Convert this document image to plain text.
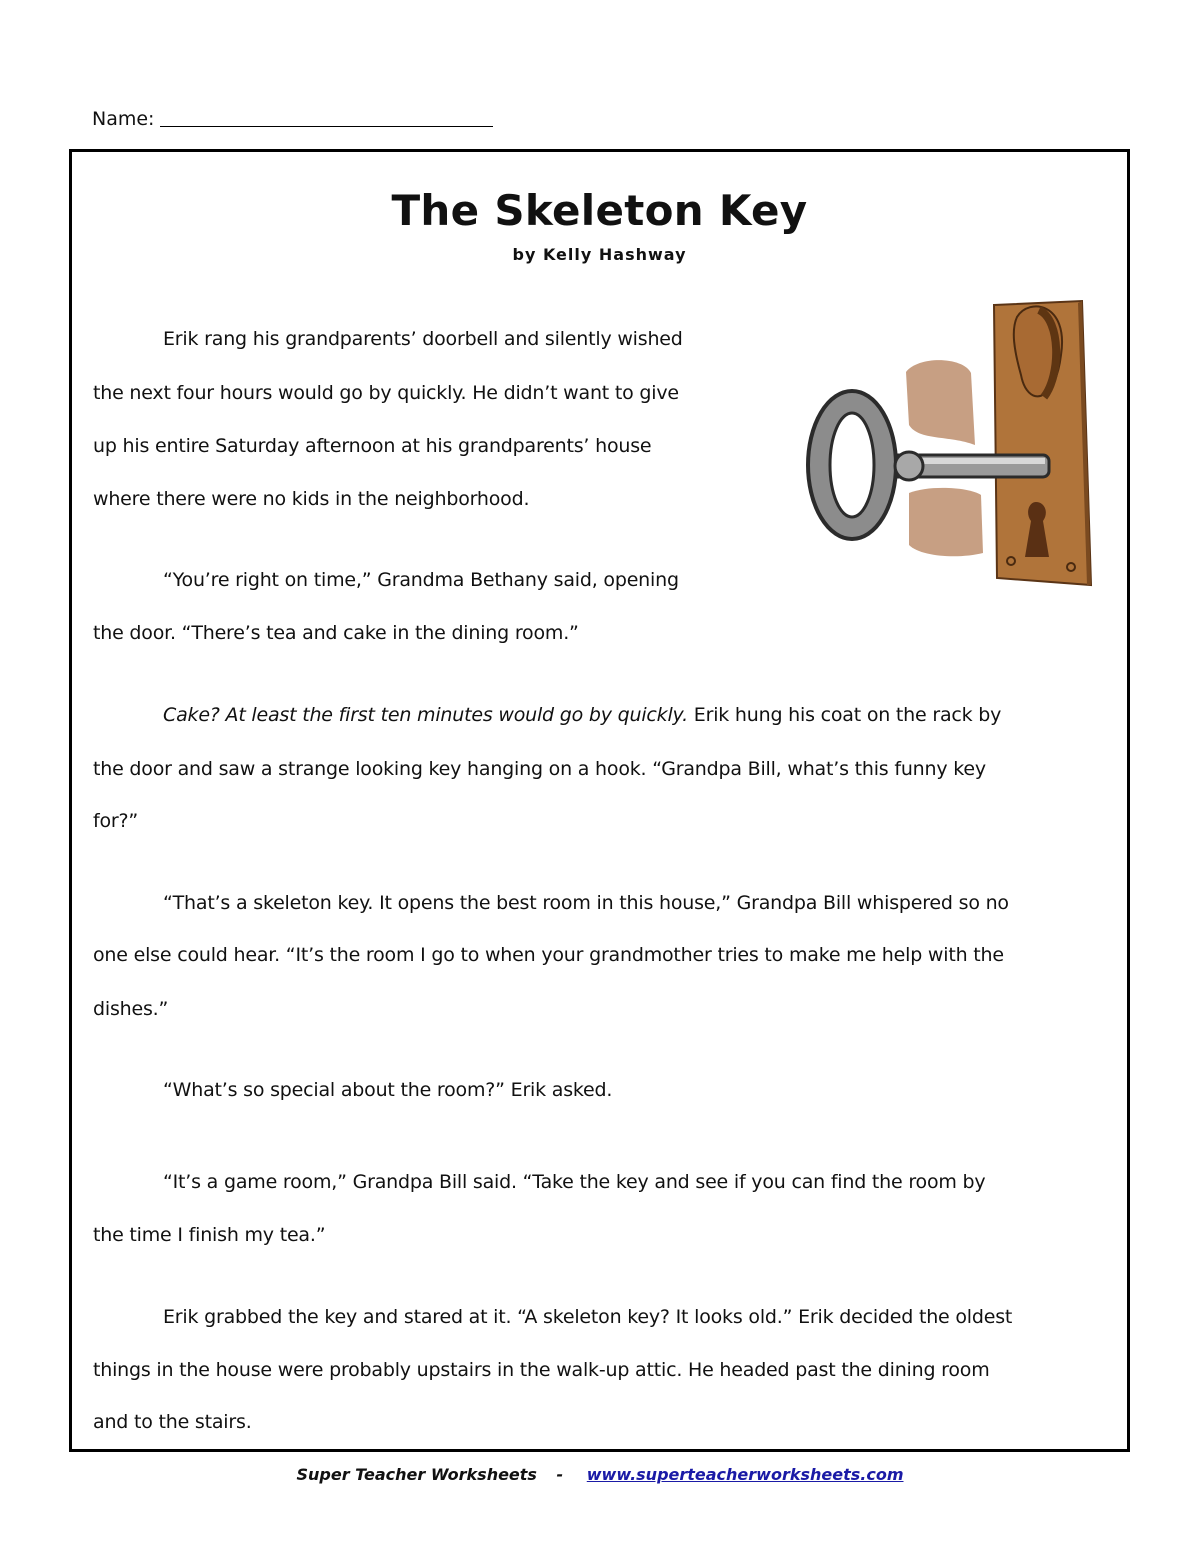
Name:
The Skeleton Key
by Kelly Hashway
Erik rang his grandparents’ doorbell and silently wished
the next four hours would go by quickly. He didn’t want to give
up his entire Saturday afternoon at his grandparents’ house
where there were no kids in the neighborhood.
“You’re right on time,” Grandma Bethany said, opening
the door. “There’s tea and cake in the dining room.”
Cake? At least the first ten minutes would go by quickly. Erik hung his coat on the rack by
the door and saw a strange looking key hanging on a hook. “Grandpa Bill, what’s this funny key
for?”
“That’s a skeleton key. It opens the best room in this house,” Grandpa Bill whispered so no
one else could hear. “It’s the room I go to when your grandmother tries to make me help with the
dishes.”
“What’s so special about the room?” Erik asked.
“It’s a game room,” Grandpa Bill said. “Take the key and see if you can find the room by
the time I finish my tea.”
Erik grabbed the key and stared at it. “A skeleton key? It looks old.” Erik decided the oldest
things in the house were probably upstairs in the walk-up attic. He headed past the dining room
and to the stairs.
Super Teacher Worksheets - www.superteacherworksheets.com
